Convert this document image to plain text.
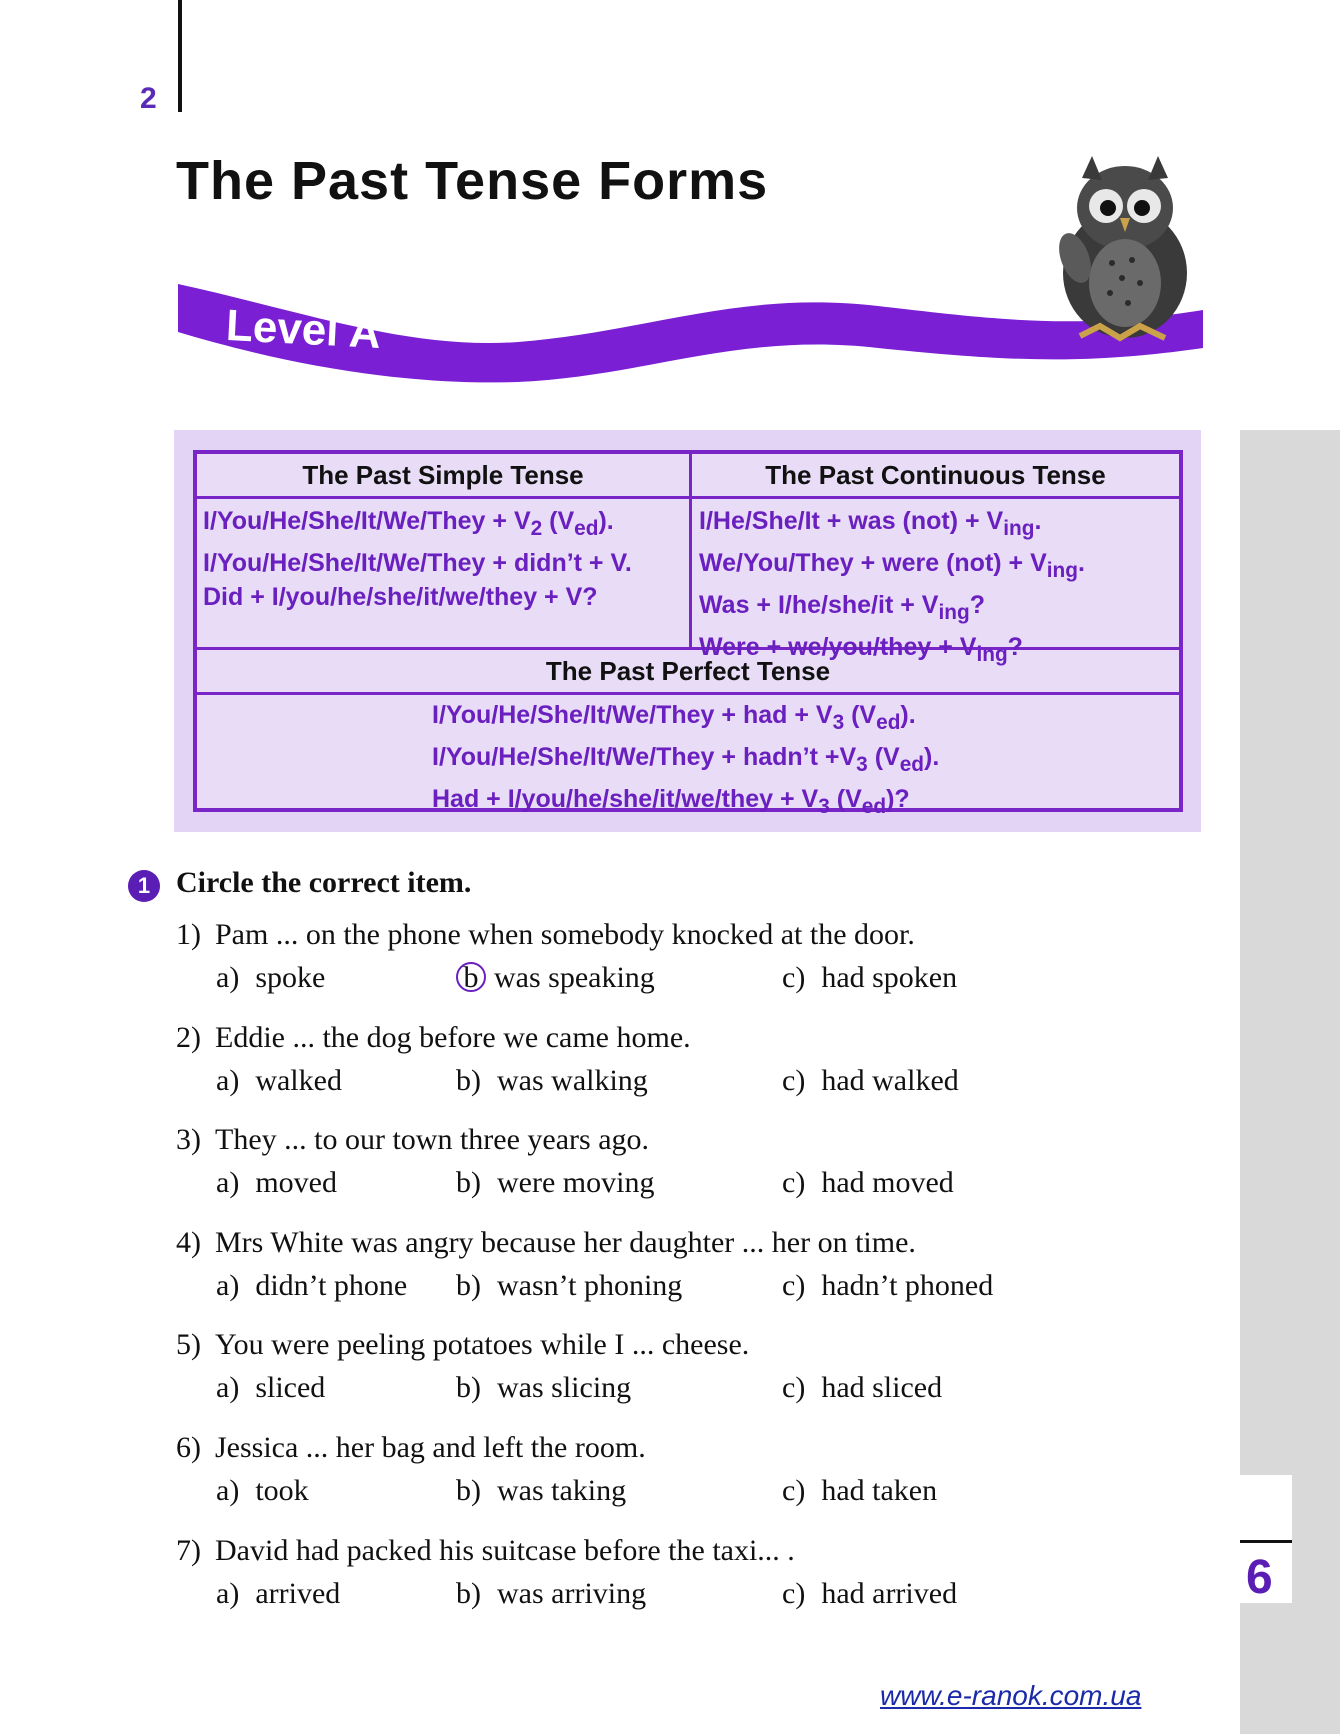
2
The Past Tense Forms
Level A
The Past Simple Tense	The Past Continuous Tense
The Past Perfect Tense
I/You/He/She/It/We/They + $V_2$ $(V_{ed})$.
I/You/He/She/It/We/They + didn’t + V.
Did + I/you/he/she/it/we/they + V?
I/He/She/It + was $(not) + V_{ing}$.
We/You/They + were $(not) + V_{ing}$.
Was + $I/he/she/it + V_{ing}$?
Were + we/you/they + $V_{ing}$?
I/You/He/She/It/We/They + had + $V_3$ $(V_{ed})$.
I/You/He/She/It/We/They + hadn’t $+V_3$ $(V_{ed})$.
Had + I/you/he/she/it/we/they + $V_3$ $(V_{ed})$?
1 Circle the correct item.
1) Pam ... on the phone when somebody knocked at the door.
a) spoke	b was speaking	c) had spoken
2) Eddie ... the dog before we came home.
a) walked	b) was walking	c) had walked
3) They ... to our town three years ago.
a) moved	b) were moving	c) had moved
4) Mrs White was angry because her daughter ... her on time.
a) didn’t phone b) wasn’t phoning	c) hadn’t phoned
5) You were peeling potatoes while I ... cheese.
a) sliced	b) was slicing	c) had sliced
6) Jessica ... her bag and left the room.
a) took	b) was taking	c) had taken
7) David had packed his suitcase before the taxi... .
a) arrived	b) was arriving	c) had arrived	6
www.e-ranok.com.ua
